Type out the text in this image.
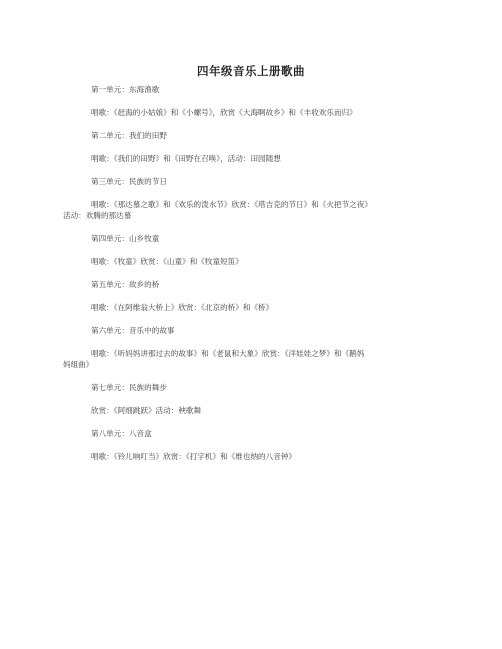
四年级音乐上册歌曲

第一单元：东海渔歌

唱歌：《赶海的小姑娘》和《小螺号》，欣赏《大海啊故乡》和《丰收欢乐而归》

第二单元：我们的田野

唱歌：《我们的田野》和《田野在召唤》，活动：田园随想

第三单元：民族的节日

唱歌：《那达慕之歌》和《欢乐的泼水节》欣赏：《塔吉克的节日》和《火把节之夜》

活动：欢腾的那达慕

第四单元：山乡牧童

唱歌：《牧童》欣赏：《山童》和《牧童短笛》

第五单元：故乡的桥

唱歌：《在阿维翁大桥上》欣赏：《北京的桥》和《桥》

第六单元：音乐中的故事

唱歌：《听妈妈讲那过去的故事》和《老鼠和大象》欣赏：《洋娃娃之梦》和《鹅妈

妈组曲》

第七单元：民族的舞步

欣赏：《阿细跳跃》活动：秧歌舞

第八单元：八音盒

唱歌：《铃儿响叮当》欣赏：《打字机》和《维也纳的八音钟》
